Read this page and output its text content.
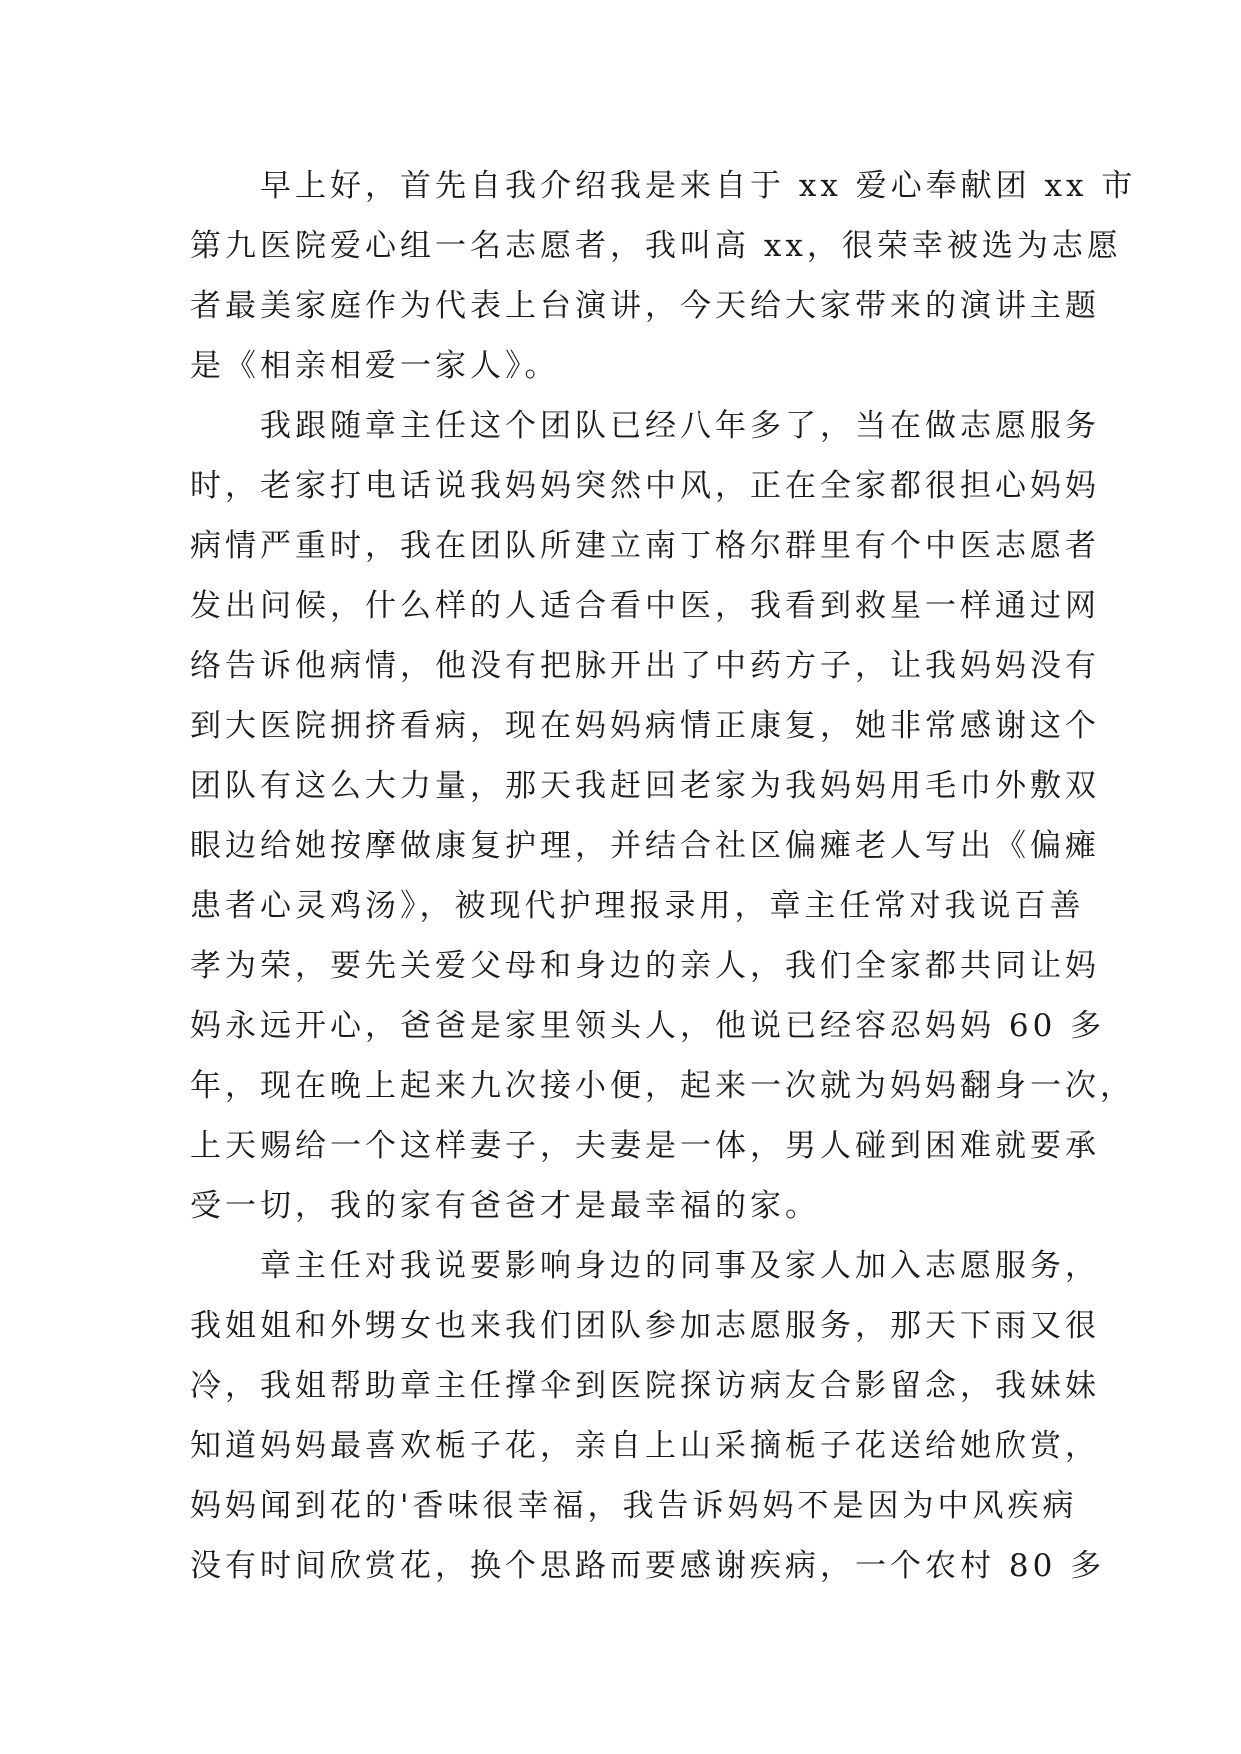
早上好，首先自我介绍我是来自于 xx 爱心奉献团 xx 市
第九医院爱心组一名志愿者，我叫高 xx，很荣幸被选为志愿
者最美家庭作为代表上台演讲，今天给大家带来的演讲主题
是《相亲相爱一家人》。
我跟随章主任这个团队已经八年多了，当在做志愿服务
时，老家打电话说我妈妈突然中风，正在全家都很担心妈妈
病情严重时，我在团队所建立南丁格尔群里有个中医志愿者
发出问候，什么样的人适合看中医，我看到救星一样通过网
络告诉他病情，他没有把脉开出了中药方子，让我妈妈没有
到大医院拥挤看病，现在妈妈病情正康复，她非常感谢这个
团队有这么大力量，那天我赶回老家为我妈妈用毛巾外敷双
眼边给她按摩做康复护理，并结合社区偏瘫老人写出《偏瘫
患者心灵鸡汤》，被现代护理报录用，章主任常对我说百善
孝为荣，要先关爱父母和身边的亲人，我们全家都共同让妈
妈永远开心，爸爸是家里领头人，他说已经容忍妈妈 60 多
年，现在晚上起来九次接小便，起来一次就为妈妈翻身一次，
上天赐给一个这样妻子，夫妻是一体，男人碰到困难就要承
受一切，我的家有爸爸才是最幸福的家。
章主任对我说要影响身边的同事及家人加入志愿服务，
我姐姐和外甥女也来我们团队参加志愿服务，那天下雨又很
冷，我姐帮助章主任撑伞到医院探访病友合影留念，我妹妹
知道妈妈最喜欢栀子花，亲自上山采摘栀子花送给她欣赏，
妈妈闻到花的'香味很幸福，我告诉妈妈不是因为中风疾病
没有时间欣赏花，换个思路而要感谢疾病，一个农村 80 多
